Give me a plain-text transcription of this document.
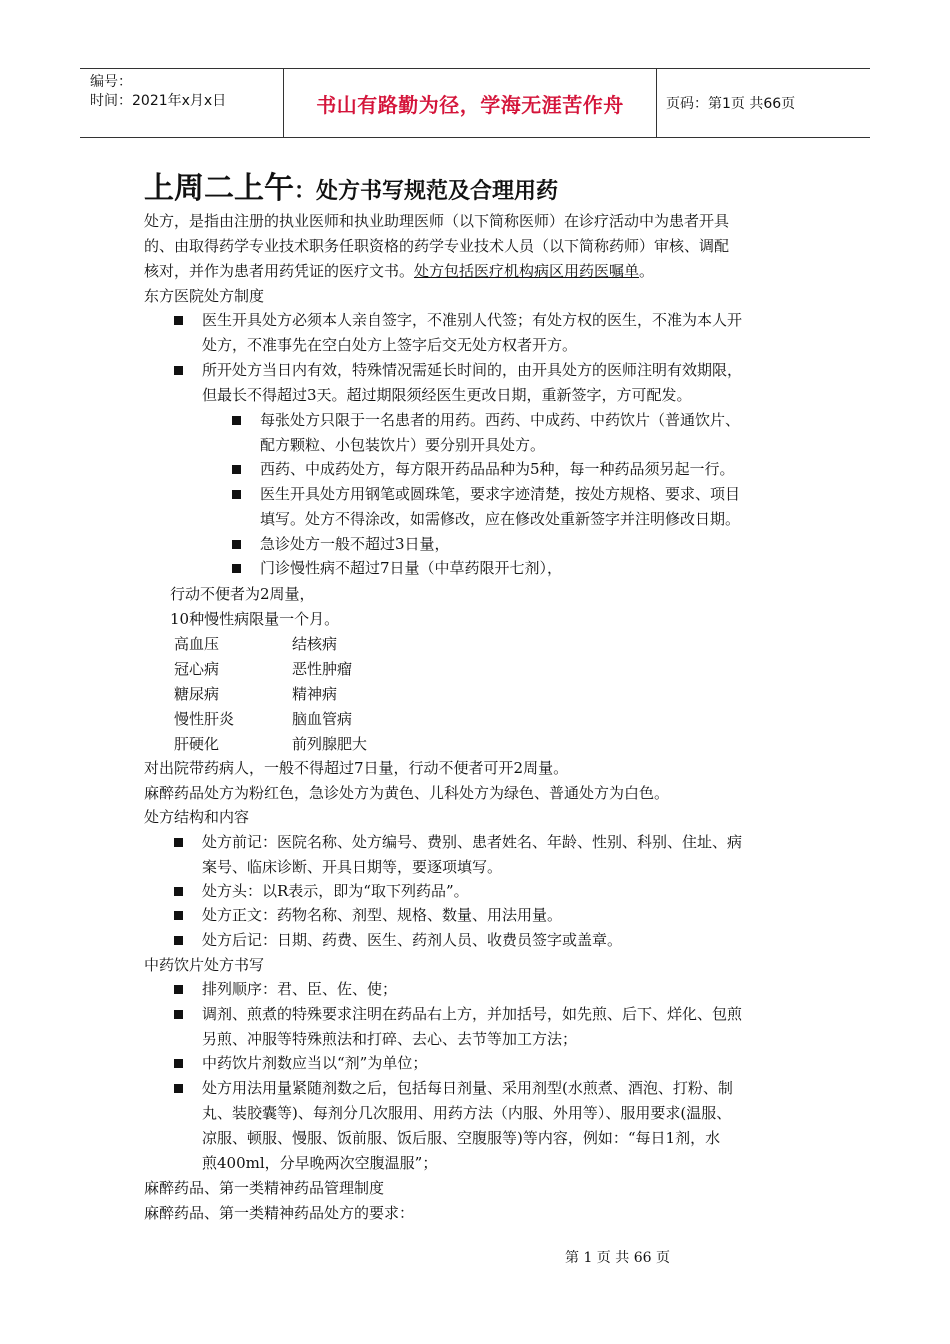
编号：
时间：2021年x月x日	书山有路勤为径，学海无涯苦作舟	页码：第1页 共66页
上周二上午：处方书写规范及合理用药
处方，是指由注册的执业医师和执业助理医师（以下简称医师）在诊疗活动中为患者开具
的、由取得药学专业技术职务任职资格的药学专业技术人员（以下简称药师）审核、调配
核对，并作为患者用药凭证的医疗文书。处方包括医疗机构病区用药医嘱单。
东方医院处方制度
医生开具处方必须本人亲自签字，不准别人代签；有处方权的医生，不准为本人开
处方，不准事先在空白处方上签字后交无处方权者开方。
所开处方当日内有效，特殊情况需延长时间的，由开具处方的医师注明有效期限，
但最长不得超过3天。超过期限须经医生更改日期，重新签字，方可配发。
每张处方只限于一名患者的用药。西药、中成药、中药饮片（普通饮片、
配方颗粒、小包装饮片）要分别开具处方。
西药、中成药处方，每方限开药品品种为5种，每一种药品须另起一行。
医生开具处方用钢笔或圆珠笔，要求字迹清楚，按处方规格、要求、项目
填写。处方不得涂改，如需修改，应在修改处重新签字并注明修改日期。
急诊处方一般不超过3日量，
门诊慢性病不超过7日量（中草药限开七剂），
行动不便者为2周量，
10种慢性病限量一个月。
高血压	结核病
冠心病	恶性肿瘤
糖尿病	精神病
慢性肝炎	脑血管病
肝硬化	前列腺肥大
对出院带药病人，一般不得超过7日量，行动不便者可开2周量。
麻醉药品处方为粉红色，急诊处方为黄色、儿科处方为绿色、普通处方为白色。
处方结构和内容
处方前记：医院名称、处方编号、费别、患者姓名、年龄、性别、科别、住址、病
案号、临床诊断、开具日期等，要逐项填写。
处方头：以R表示，即为“取下列药品”。
处方正文：药物名称、剂型、规格、数量、用法用量。
处方后记：日期、药费、医生、药剂人员、收费员签字或盖章。
中药饮片处方书写
排列顺序：君、臣、佐、使；
调剂、煎煮的特殊要求注明在药品右上方，并加括号，如先煎、后下、烊化、包煎
另煎、冲服等特殊煎法和打碎、去心、去节等加工方法；
中药饮片剂数应当以“剂”为单位；
处方用法用量紧随剂数之后，包括每日剂量、采用剂型(水煎煮、酒泡、打粉、制
丸、装胶囊等)、每剂分几次服用、用药方法（内服、外用等）、服用要求(温服、
凉服、顿服、慢服、饭前服、饭后服、空腹服等)等内容，例如：“每日1剂，水
煎400ml，分早晚两次空腹温服”；
麻醉药品、第一类精神药品管理制度
麻醉药品、第一类精神药品处方的要求：
第 1 页 共 66 页
